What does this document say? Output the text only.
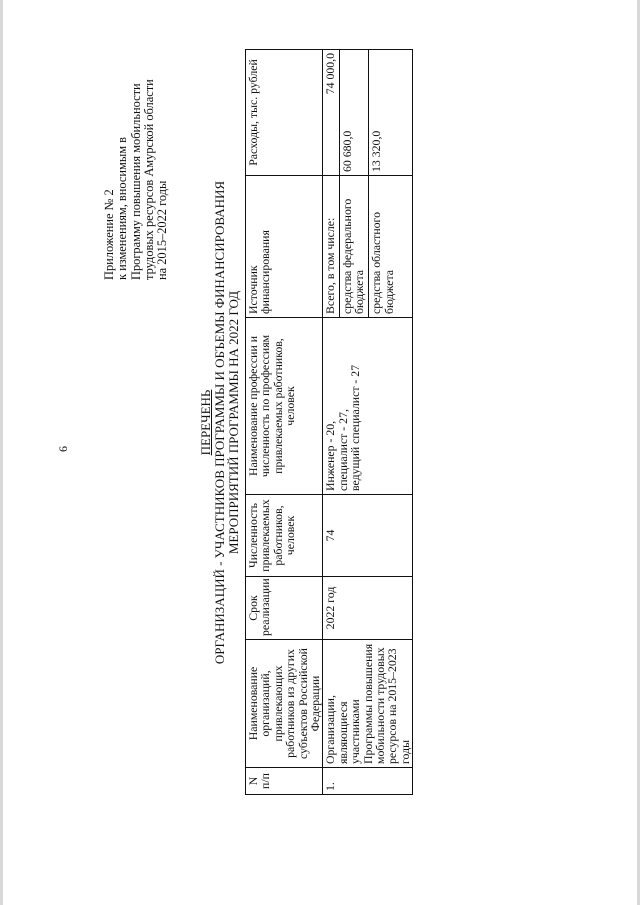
6
Приложение № 2 к изменениям, вносимым в Программу повышения мобильности трудовых ресурсов Амурской области на 2015–2022 годы
ПЕРЕЧЕНЬ ОРГАНИЗАЦИЙ - УЧАСТНИКОВ ПРОГРАММЫ И ОБЪЕМЫ ФИНАНСИРОВАНИЯ МЕРОПРИЯТИЙ ПРОГРАММЫ НА 2022 ГОД
N п/п	Наименование организаций, привлекающих работников из других субъектов Российской Федерации	Срок реализации	Численность привлекаемых работников, человек	Наименование профессии и численность по профессиям привлекаемых работников, человек	Источник финансирования	Расходы, тыс. рублей
1.	Организации, являющиеся участниками Программы повышения мобильности трудовых ресурсов на 2015–2023 годы	2022 год	74	Инженер - 20,
специалист - 27,
ведущий специалист - 27	Всего, в том числе:	74 000,0
					средства федерального бюджета	60 680,0
					средства областного бюджета	13 320,0
